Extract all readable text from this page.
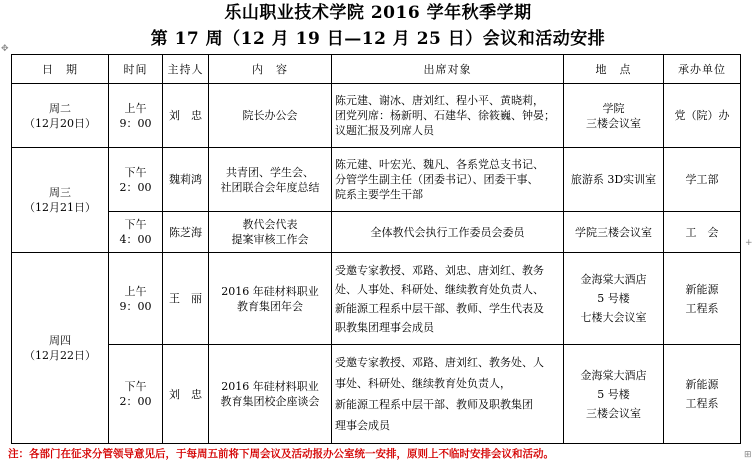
乐山职业技术学院 2016 学年秋季学期
第 17 周（12 月 19 日—12 月 25 日）会议和活动安排
✥
+
日　期	时间	主持人	内　容	出席对象	地　点	承办单位

周二
（12月20日）	上午
9：00	刘　忠	院长办公会	陈元建、谢冰、唐刘红、程小平、黄晓莉，
团党列席：杨新明、石建华、徐筱巍、钟晏；
议题汇报及列席人员	学院
三楼会议室	党（院）办

周三
（12月21日）	下午
2：00	魏莉鸿	共青团、学生会、
社团联合会年度总结	陈元建、叶宏光、魏凡、各系党总支书记、
分管学生副主任（团委书记）、团委干事、
院系主要学生干部	旅游系 3D实训室	学工部

	下午
4：00	陈芝海	教代会代表
提案审核工作会	全体教代会执行工作委员会委员	学院三楼会议室	工　会

周四
（12月22日）	上午
9：00	王　丽	2016 年硅材料职业
教育集团年会	受邀专家教授、邓路、刘忠、唐刘红、教务
处、人事处、科研处、继续教育处负责人、
新能源工程系中层干部、教师、学生代表及
职教集团理事会成员	金海棠大酒店
5 号楼
七楼大会议室	新能源
工程系

	下午
2：00	刘　忠	2016 年硅材料职业
教育集团校企座谈会	受邀专家教授、邓路、唐刘红、教务处、人
事处、科研处、继续教育处负责人，
新能源工程系中层干部、教师及职教集团
理事会成员	金海棠大酒店
5 号楼
三楼会议室	新能源
工程系
注：各部门在征求分管领导意见后，于每周五前将下周会议及活动报办公室统一安排，原则上不临时安排会议和活动。	⊞
